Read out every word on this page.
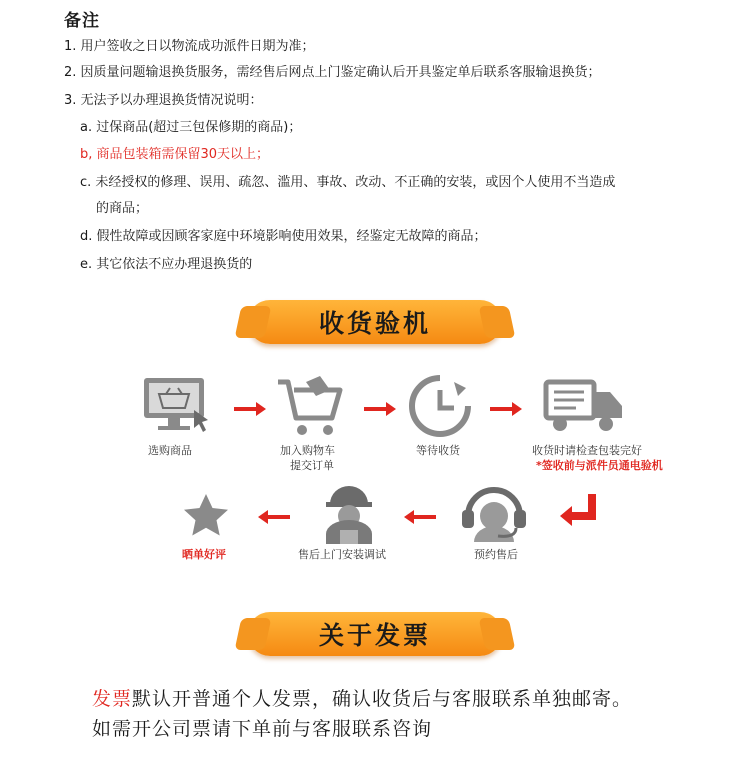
备注
1. 用户签收之日以物流成功派件日期为准；
2. 因质量问题输退换货服务，需经售后网点上门鉴定确认后开具鉴定单后联系客服输退换货；
3. 无法予以办理退换货情况说明：
a. 过保商品(超过三包保修期的商品)；
b, 商品包装箱需保留30天以上；
c. 未经授权的修理、误用、疏忽、滥用、事故、改动、不正确的安装，或因个人使用不当造成
的商品；
d. 假性故障或因顾客家庭中环境影响使用效果，经鉴定无故障的商品；
e. 其它依法不应办理退换货的
收货验机
选购商品	加入购物车
提交订单
等待收货	收货时请检查包装完好
*签收前与派件员通电验机
预约售后
售后上门安装调试
晒单好评
关于发票
发票默认开普通个人发票，确认收货后与客服联系单独邮寄。
如需开公司票请下单前与客服联系咨询
